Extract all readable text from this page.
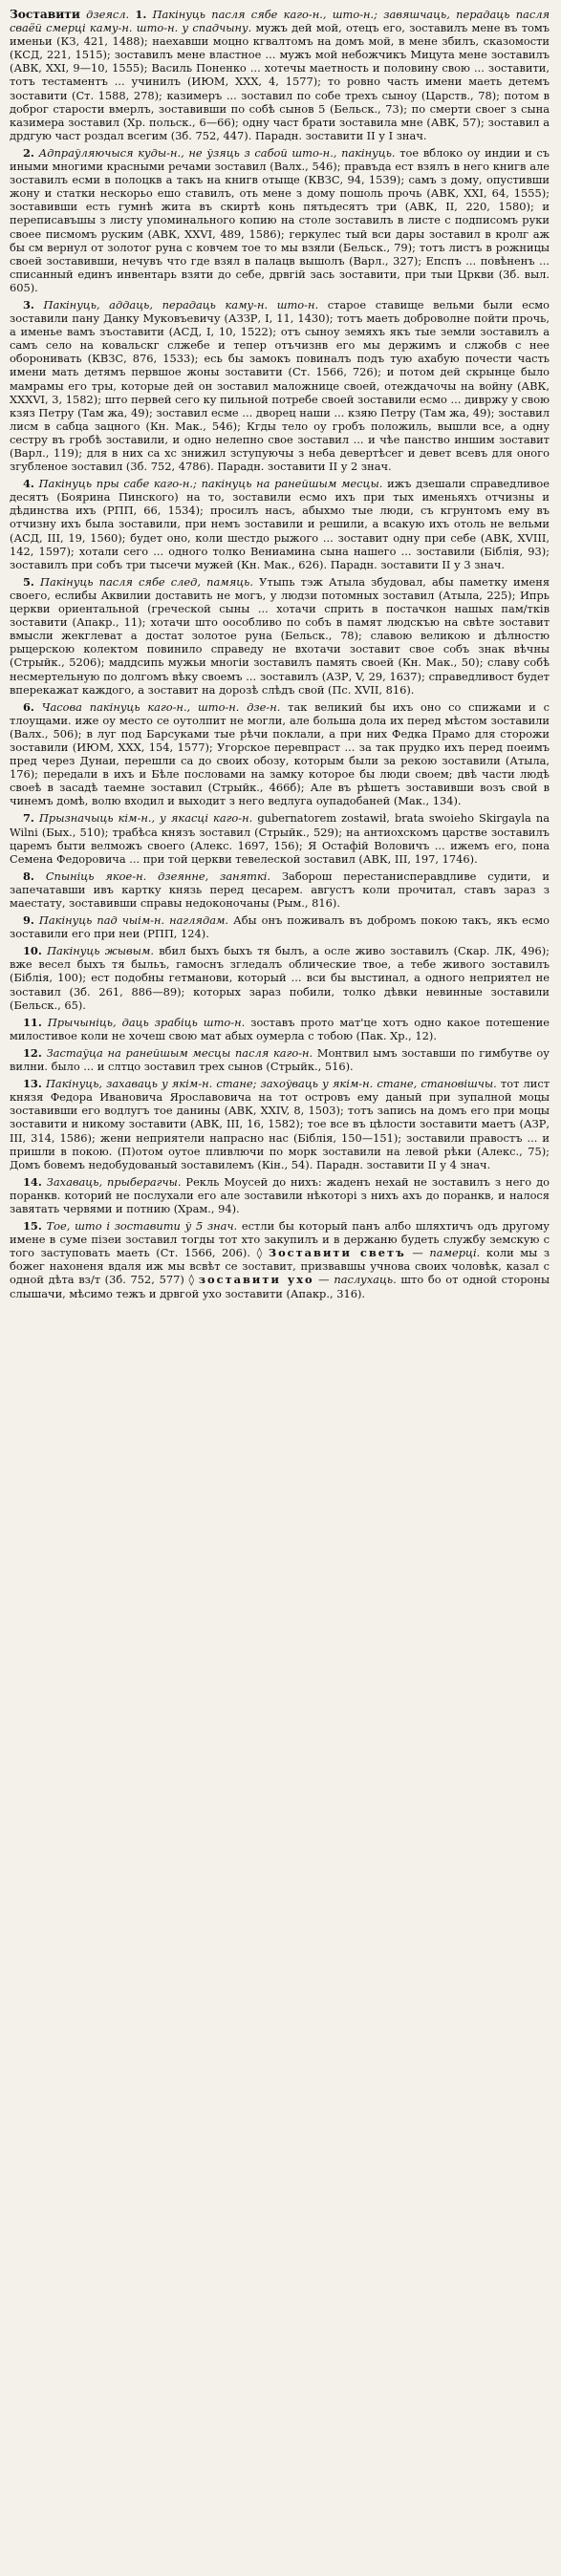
Зоставити дзеясл. 1. Пакінуць пасля сябе каго-н., што-н.; завяшчаць, перадаць пасля сваёй смерці каму-н. што-н. у спадчыну. мужъ дей мой, отецъ его, зоставилъ мене въ томъ именьи (КЗ, 421, 1488); наехавши моцно кгвалтомъ на домъ мой, в мене збилъ, сказомости (КСД, 221, 1515); зоставилъ мене властное ... мужъ мой небожчикъ Мицута мене зоставилъ (АВК, XXI, 9—10, 1555); Василь Поненко ... хотечы маетность и половину свою ... зоставити, тотъ тестаментъ ... учинилъ (ИЮМ, XXX, 4, 1577); то ровно часть имени маеть детемъ зоставити (Ст. 1588, 278); казимеръ ... зоставил по собе трехъ сыноу (Царств., 78); потом в доброг старости вмерлъ, зоставивши по собѣ сынов 5 (Бельск., 73); по смерти своег з сына казимера зоставил (Хр. польск., 6—66); одну част брати зоставила мне (АВК, 57); зоставил а дрдгую част роздал всегим (3б. 752, 447). Парадн. зоставити II у I знач.

2. Адпраўляючыся куды-н., не ўзяць з сабой што-н., пакінуць. тое вблоко оу индии и съ иными многими красными речами зоставил (Валх., 546); правъда ест взялъ в него книгв але зоставилъ есми в полоцкв а такъ на книгв отыще (КВЗС, 94, 1539); самъ з дому, опустивши жону и статки нескорьо ешо ставилъ, оть мене з дому пошоль прочь (АВК, XXI, 64, 1555); зоставивши есть гумнѣ жита въ скиртѣ конь пятьдесятъ три (АВК, II, 220, 1580); и переписавъшы з листу упоминального копию на столе зоставилъ в листе с подписомъ руки своее писмомъ руским (АВК, XXVI, 489, 1586); геркулес тый вси дары зоставил в кролг аж бы см вернул от золотог руна с ковчем тое то мы взяли (Бельск., 79); тотъ листъ в рожницы своей зоставивши, нечувъ что где взял в палацв вышолъ (Варл., 327); Епспъ ... повѣненъ ... списанный единъ инвентарь взяти до себе, дрвгій зась зоставити, при тыи Цркви (3б. выл. 605).

3. Пакінуць, аддаць, перадаць каму-н. што-н. старое ставище вельми были есмо зоставили пану Данку Муковъевичу (АЗЗР, I, 11, 1430); тотъ маеть доброволне пойти прочь, а именье вамъ зъоставити (АСД, I, 10, 1522); отъ сыноу земяхъ якъ тые земли зоставилъ а самъ село на ковальскг слжебе и тепер отъчизнв его мы держимъ и слжобв с нее оборонивать (КВЗС, 876, 1533); есь бы замокъ повиналъ подъ тую ахабую почести часть имени мать детямъ первшое жоны зоставити (Ст. 1566, 726); и потом дей скрынце было мамрамы его тры, которые дей он зоставил маложнице своей, отеждачочы на войну (АВК, XXXVI, 3, 1582); што первей сего ку пильной потребе своей зоставили есмо ... дивржу у свою кзяз Петру (Там жа, 49); зоставил есме ... дворец наши ... кзяю Петру (Там жа, 49); зоставил лисм в сабца зацного (Кн. Мак., 546); Кгды тело оу гробъ положиль, вышли все, а одну сестру въ гробѣ зоставили, и одно нелепно свое зоставил ... и чѣе панство иншим зоставит (Варл., 119); для в них са хс знижил зступуючы з неба девертѣсег и девет всевъ для оного згубленое зоставил (3б. 752, 4786). Парадн. зоставити II у 2 знач.

4. Пакінуць пры сабе каго-н.; пакінуць на ранейшым месцы. ижъ дзешали справедливое десятъ (Боярина Пинского) на то, зоставили есмо ихъ при тых именьяхъ отчизны и дѣдинства ихъ (РПП, 66, 1534); просилъ насъ, абыхмо тые люди, съ кгрунтомъ ему въ отчизну ихъ была зоставили, при немъ зоставили и решили, а всакую ихъ отоль не вельми (АСД, III, 19, 1560); будет оно, коли шестдо рыжого ... зоставит одну при себе (АВК, XVIII, 142, 1597); хотали сего ... одного толко Вениамина сына нашего ... зоставили (Бiблiя, 93); зоставилъ при собъ три тысечи мужей (Кн. Мак., 626). Парадн. зоставити II у 3 знач.

5. Пакінуць пасля сябе след, памяць. Утыпь тэж Атыла збудовал, абы паметку именя своего, еслибы Аквилии доставить не могъ, у людзи потомных зоставил (Атыла, 225); Ипрь церкви ориентальной (греческой сыны ... хотачи сприть в постачкон нашых пам/тків зоставити (Апакр., 11); хотачи што оособливо по собъ в памят людскъю на свѣте зоставит вмысли жекглеват а достат золотое руна (Бельск., 78); славою великою и дѣлностю рыцерскою колектом повинило справеду не вхотачи зоставит свое собъ знак вѣчны (Стрыйк., 5206); маддсипь мужьи многіи зоставилъ память своей (Кн. Мак., 50); славу собѣ несмертельную по долгомъ вѣку своемъ ... зоставилъ (АЗР, V, 29, 1637); справедливост будет вперекажат каждого, а зоставит на дорозѣ слѣдъ свой (Пс. XVII, 816).

6. Часова пакінуць каго-н., што-н. дзе-н. так великий бы ихъ оно со спижами и с тлоущами. иже оу место се оутолпит не могли, але больша дола их перед мѣстом зоставили (Валх., 506); в луг под Барсуками тые рѣчи поклали, а при них Федка Прамо для сторожи зоставили (ИЮМ, XXX, 154, 1577); Угорское перевпраст ... за так прудко ихъ перед поеимъ пред через Дунаи, перешли са до своих обозу, которым были за рекою зоставили (Атыла, 176); передали в ихъ и Бѣле пословами на замку которое бы люди своем; двѣ части людѣ своеѣ в засадѣ таемне зоставил (Стрыйк., 466б); Але въ рѣшетъ зоставивши возъ свой в чинемъ домѣ, волю входил и выходит з него ведлуга оупадобаней (Мак., 134).

7. Прызначыць кім-н., у якасці каго-н. gubernatorem zostawił, brata swoieho Skirgayla na Wilni (Бых., 510); трабѣса князъ зоставил (Стрыйк., 529); на антиохскомъ царстве зоставилъ царемъ быти велможъ своего (Алекс. 1697, 156); Я Остафій Воловичъ ... ижемъ его, пона Семена Федоровича ... при той церкви тевелеской зоставил (АВК, III, 197, 1746).

8. Спыніць якое-н. дзеянне, заняткі. Заборош перестанисперавдливе судити, и запечатавши ивъ картку князь перед цесарем. августъ коли прочитал, ставъ зараз з маестату, зоставивши справы недоконочаны (Рым., 816).

9. Пакінуць пад чыім-н. наглядам. Абы онъ поживалъ въ добромъ покою такъ, якъ есмо зоставили его при неи (РПП, 124).

10. Пакінуць жывым. вбил быхъ быхъ тя былъ, а осле живо зоставилъ (Скар. ЛК, 496); вже весел быхъ тя быльъ, гамоснъ згледалъ облические твое, а тебе живого зоставилъ (Бiблiя, 100); ест подобны гетманови, который ... вси бы выстинал, а одного неприятел не зоставил (3б. 261, 886—89); которых зараз побили, толко дѣвки невинные зоставили (Бельск., 65).

11. Прычыніць, даць зрабіць што-н. зоставъ прото мат'це хотъ одно какое потешение милостивое коли не хочеш свою мат абых оумерла с тобою (Пак. Хр., 12).

12. Застаўца на ранейшым месцы пасля каго-н. Монтвил ымъ зоставши по гимбутве оу вилни. было ... и слтцо зоставил трех сынов (Стрыйк., 516).

13. Пакінуць, захаваць у якім-н. стане; захоўваць у якім-н. стане, становішчы. тот лист князя Федора Ивановича Ярославовича на тот островъ ему даный при зупалной моцы зоставивши его водлугъ тое данины (АВК, XXIV, 8, 1503); тотъ запись на домъ его при моцы зоставити и никому зоставити (АВК, III, 16, 1582); тое все въ цѣлости зоставити маетъ (АЗР, III, 314, 1586); жени неприятели напрасно нас (Бiблiя, 150—151); зоставили правостъ ... и пришли в покою. (П)отом оутое пливлючи по морк зоставили на левой рѣки (Алекс., 75); Домъ бовемъ недобудованый зоставилемъ (Кін., 54). Парадн. зоставити II у 4 знач.

14. Захаваць, прыберагчы. Рекль Моусей до нихъ: жаденъ нехай не зоставилъ з него до поранкв. которий не послухали его але зоставили нѣкоторі з нихъ ахъ до поранкв, и налося завятать червями и потнию (Храм., 94).

15. Тое, што і зоставити ў 5 знач. естли бы который панъ албо шляхтичъ одъ другому имене в суме пізеи зоставил тогды тот хто закупилъ и в держаню будеть службу земскую с того заступовать маеть (Ст. 1566, 206). ◊ Зоставити светъ — памерці. коли мы з божег нахоненя вдаля иж мы всвѣт се зоставит, призвавшы учнова своих чоловѣк, казал с одной дѣта вз/т (3б. 752, 577) ◊ зоставити ухо — паслухаць. што бо от одной стороны слышачи, мѣсимо тежъ и дрвгой ухо зоставити (Апакр., 316).
